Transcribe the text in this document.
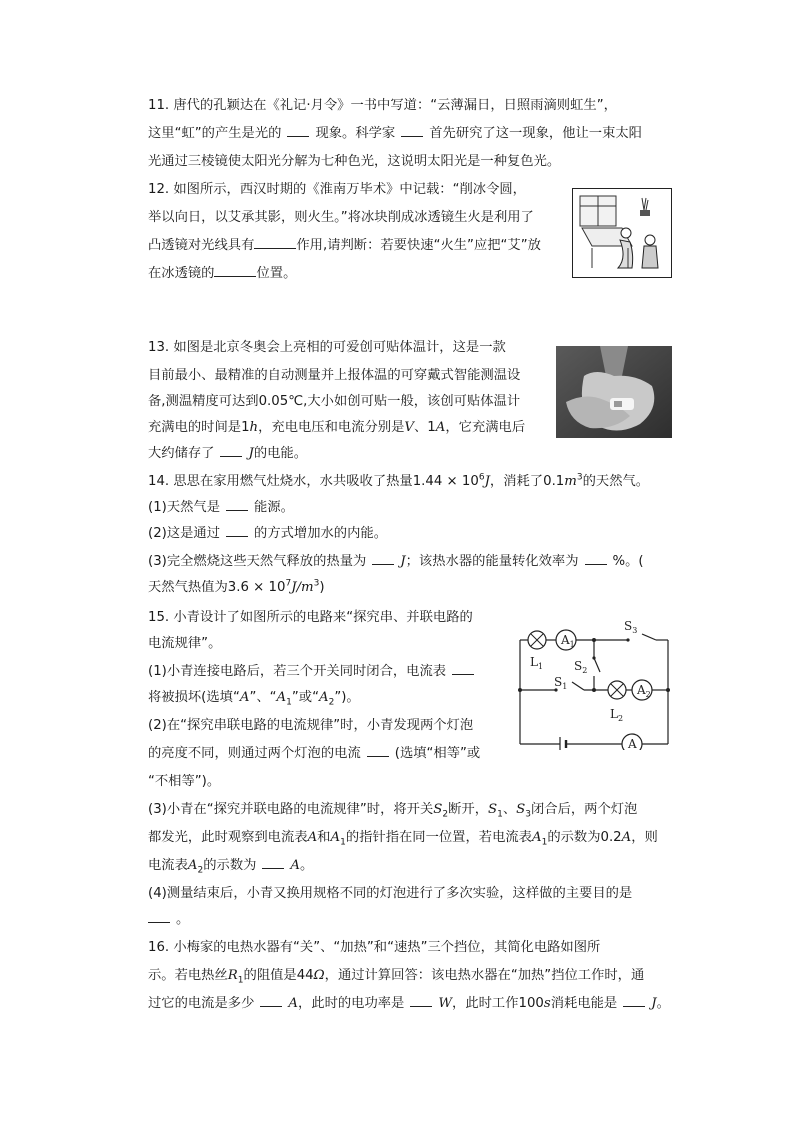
11. 唐代的孔颖达在《礼记·月令》一书中写道：“云薄漏日，日照雨滴则虹生”，
这里“虹”的产生是光的	现象。科学家	首先研究了这一现象，他让一束太阳
光通过三棱镜使太阳光分解为七种色光，这说明太阳光是一种复色光。
12. 如图所示，西汉时期的《淮南万毕术》中记载：“削冰令圆，
举以向日，以艾承其影，则火生。”将冰块削成冰透镜生火是利用了
凸透镜对光线具有	作用,请判断：若要快速“火生”应把“艾”放
在冰透镜的	位置。
13. 如图是北京冬奥会上亮相的可爱创可贴体温计，这是一款
目前最小、最精准的自动测量并上报体温的可穿戴式智能测温设
备,测温精度可达到0.05℃,大小如创可贴一般，该创可贴体温计
充满电的时间是1h，充电电压和电流分别是V、1A，它充满电后
大约储存了	J的电能。
14. 思思在家用燃气灶烧水，水共吸收了热量$1.44 \times 10^6J$，消耗了$0.1m^3$的天然气。
(1)天然气是	能源。
(2)这是通过	的方式增加水的内能。
(3)完全燃烧这些天然气释放的热量为	J；该热水器的能量转化效率为	%。(
天然气热值为$3.6 \times 10^7J/m^3$)
15. 小青设计了如图所示的电路来“探究串、并联电路的
电流规律”。
(1)小青连接电路后，若三个开关同时闭合，电流表
将被损坏(选填“A”、“$A_1$”或“$A_2$”)。
(2)在“探究串联电路的电流规律”时，小青发现两个灯泡
的亮度不同，则通过两个灯泡的电流	(选填“相等”或
“不相等”)。
(3)小青在“探究并联电路的电流规律”时，将开关$S_2$断开，$S_1$、$S_3$闭合后，两个灯泡
都发光，此时观察到电流表A和$A_1$的指针指在同一位置，若电流表$A_1$的示数为0.2A，则
电流表$A_2$的示数为	A。
(4)测量结束后，小青又换用规格不同的灯泡进行了多次实验，这样做的主要目的是
。
$A_1$
$A_2$
A
$L_1$
$L_2$
$S_1$
$S_2$
$S_3$
16. 小梅家的电热水器有“关”、“加热”和“速热”三个挡位，其简化电路如图所
示。若电热丝$R_1$的阻值是44Ω，通过计算回答：该电热水器在“加热”挡位工作时，通
过它的电流是多少	A，此时的电功率是	W，此时工作100s消耗电能是	J。
